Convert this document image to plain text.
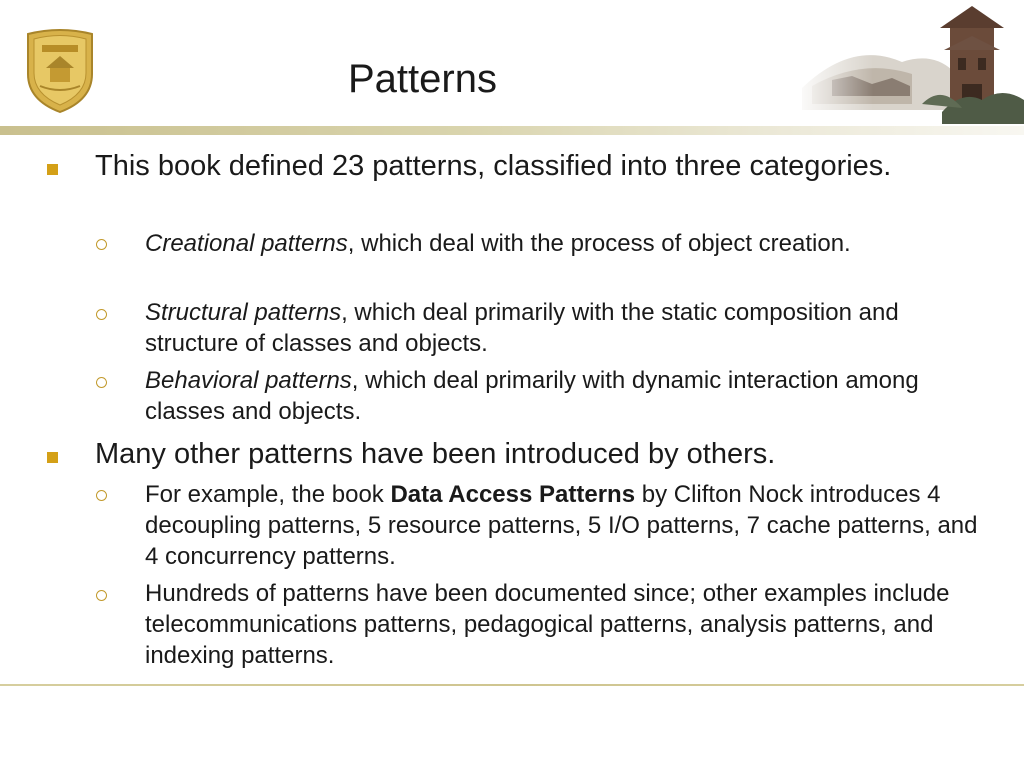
Patterns
This book defined 23 patterns, classified into three categories.
Creational patterns, which deal with the process of object creation.
Structural patterns, which deal primarily with the static composition and structure of classes and objects.
Behavioral patterns, which deal primarily with dynamic interaction among classes and objects.
Many other patterns have been introduced by others.
For example, the book Data Access Patterns by Clifton Nock introduces 4 decoupling patterns, 5 resource patterns, 5 I/O patterns, 7 cache patterns, and 4 concurrency patterns.
Hundreds of patterns have been documented since; other examples include telecommunications patterns, pedagogical patterns, analysis patterns, and indexing patterns.
